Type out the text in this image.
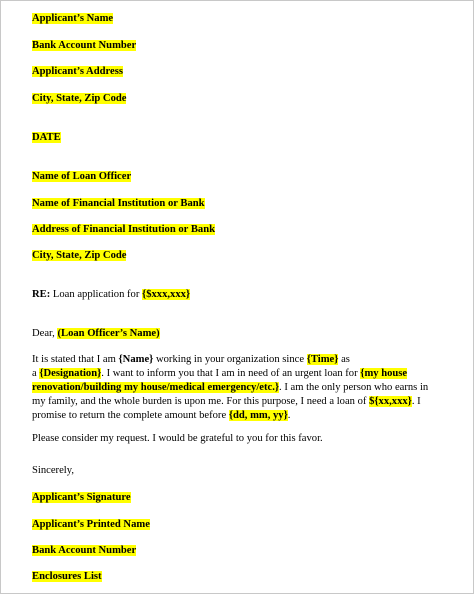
Applicant’s Name
Bank Account Number
Applicant’s Address
City, State, Zip Code
DATE
Name of Loan Officer
Name of Financial Institution or Bank
Address of Financial Institution or Bank
City, State, Zip Code
RE: Loan application for {$xxx,xxx}
Dear, (Loan Officer’s Name)
It is stated that I am {Name} working in your organization since {Time} as
a {Designation}. I want to inform you that I am in need of an urgent loan for {my house
renovation/building my house/medical emergency/etc.}. I am the only person who earns in
my family, and the whole burden is upon me. For this purpose, I need a loan of ${xx,xxx}. I
promise to return the complete amount before {dd, mm, yy}.
Please consider my request. I would be grateful to you for this favor.
Sincerely,
Applicant’s Signature
Applicant’s Printed Name
Bank Account Number
Enclosures List
